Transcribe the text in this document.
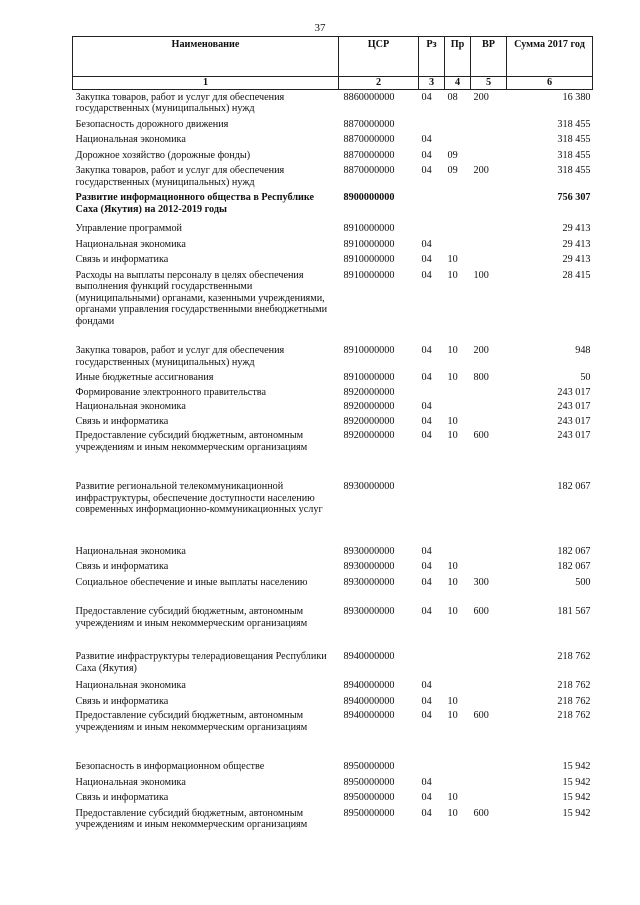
37
Наименование	ЦСР	Рз	Пр	ВР	Сумма 2017 год
1	2	3	4	5	6
Закупка товаров, работ и услуг для обеспечения государственных (муниципальных) нужд	8860000000	04	08	200	16 380
Безопасность дорожного движения	8870000000				318 455
Национальная экономика	8870000000	04			318 455
Дорожное хозяйство (дорожные фонды)	8870000000	04	09		318 455
Закупка товаров, работ и услуг для обеспечения государственных (муниципальных) нужд	8870000000	04	09	200	318 455
Развитие информационного общества в Республике Саха (Якутия) на 2012-2019 годы	8900000000				756 307
Управление программой	8910000000				29 413
Национальная экономика	8910000000	04			29 413
Связь и информатика	8910000000	04	10		29 413
Расходы на выплаты персоналу в целях обеспечения выполнения функций государственными (муниципальными) органами, казенными учреждениями, органами управления государственными внебюджетными фондами	8910000000	04	10	100	28 415
Закупка товаров, работ и услуг для обеспечения государственных (муниципальных) нужд	8910000000	04	10	200	948
Иные бюджетные ассигнования	8910000000	04	10	800	50
Формирование электронного правительства	8920000000				243 017
Национальная экономика	8920000000	04			243 017
Связь и информатика	8920000000	04	10		243 017
Предоставление субсидий бюджетным, автономным учреждениям и иным некоммерческим организациям	8920000000	04	10	600	243 017
Развитие региональной телекоммуникационной инфраструктуры, обеспечение доступности населению современных информационно-коммуникационных услуг	8930000000				182 067
Национальная экономика	8930000000	04			182 067
Связь и информатика	8930000000	04	10		182 067
Социальное обеспечение и иные выплаты населению	8930000000	04	10	300	500
Предоставление субсидий бюджетным, автономным учреждениям и иным некоммерческим организациям	8930000000	04	10	600	181 567
Развитие инфраструктуры телерадиовещания Республики Саха (Якутия)	8940000000				218 762
Национальная экономика	8940000000	04			218 762
Связь и информатика	8940000000	04	10		218 762
Предоставление субсидий бюджетным, автономным учреждениям и иным некоммерческим организациям	8940000000	04	10	600	218 762
Безопасность в информационном обществе	8950000000				15 942
Национальная экономика	8950000000	04			15 942
Связь и информатика	8950000000	04	10		15 942
Предоставление субсидий бюджетным, автономным учреждениям и иным некоммерческим организациям	8950000000	04	10	600	15 942
